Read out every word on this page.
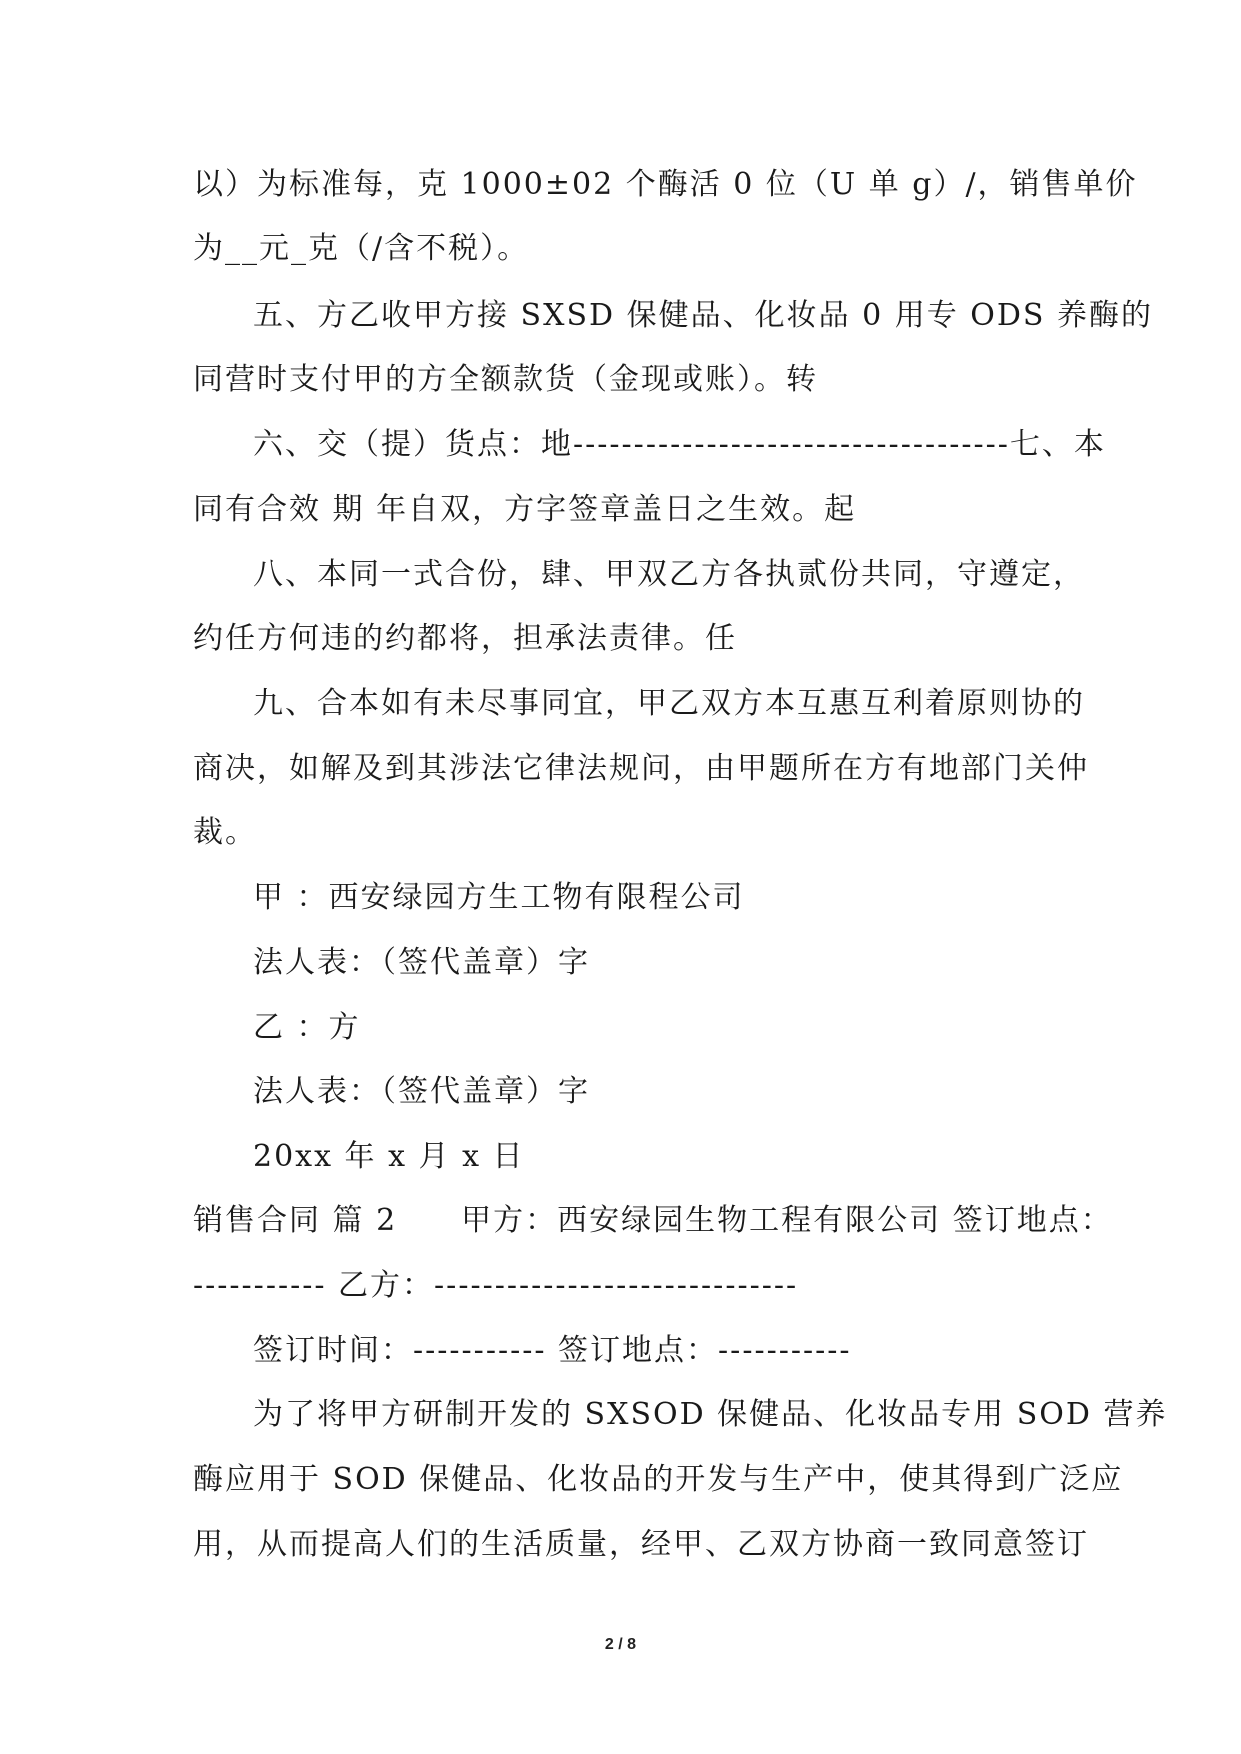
以）为标准每，克 1000±02 个酶活 0 位（U 单 g）/，销售单价
为__元_克（/含不税）。
五、方乙收甲方接 SXSD 保健品、化妆品 0 用专 ODS 养酶的
同营时支付甲的方全额款货（金现或账）。转
六、交（提）货点：地------------------------------------七、本
同有合效 期 年自双，方字签章盖日之生效。起
八、本同一式合份，肆、甲双乙方各执贰份共同，守遵定，
约任方何违的约都将，担承法责律。任
九、合本如有未尽事同宜，甲乙双方本互惠互利着原则协的
商决，如解及到其涉法它律法规问，由甲题所在方有地部门关仲
裁。
甲 ：西安绿园方生工物有限程公司
法人表：（签代盖章）字
乙 ：方
法人表：（签代盖章）字
20xx 年 x 月 x 日
销售合同 篇 2　　甲方：西安绿园生物工程有限公司 签订地点：
----------- 乙方：------------------------------
签订时间：----------- 签订地点：-----------
为了将甲方研制开发的 SXSOD 保健品、化妆品专用 SOD 营养
酶应用于 SOD 保健品、化妆品的开发与生产中，使其得到广泛应
用，从而提高人们的生活质量，经甲、乙双方协商一致同意签订
2 / 8
